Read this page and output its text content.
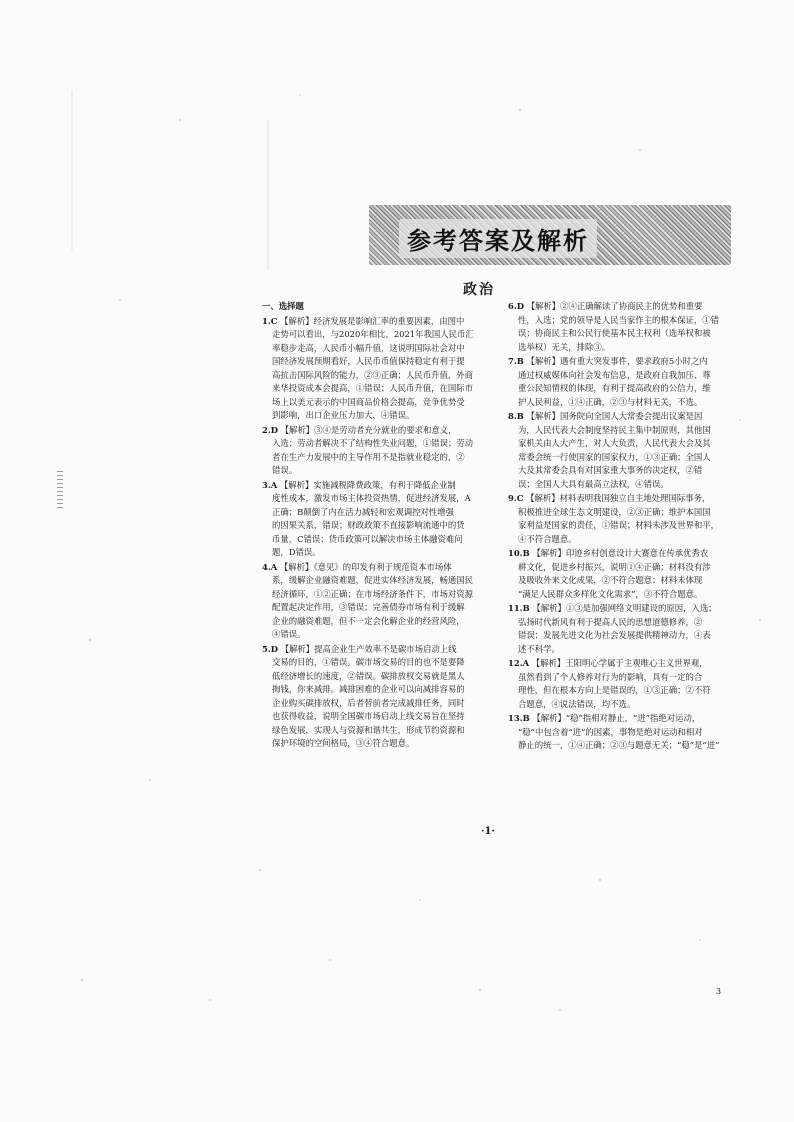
参考答案及解析
政治
一、选择题
1.C 【解析】经济发展是影响汇率的重要因素，由图中
走势可以看出，与2020年相比，2021年我国人民币汇
率稳步走高，人民币小幅升值，这说明国际社会对中
国经济发展预期看好，人民币币值保持稳定有利于提
高抗击国际风险的能力，②③正确；人民币升值，外商
来华投资成本会提高，①错误；人民币升值，在国际市
场上以美元表示的中国商品价格会提高，竞争优势受
到影响，出口企业压力加大，④错误。
2.D 【解析】③④是劳动者充分就业的要求和意义，
入选；劳动者解决不了结构性失业问题，①错误；劳动
者在生产力发展中的主导作用不是指就业稳定的，②
错误。
3.A 【解析】实施减税降费政策，有利于降低企业制
度性成本，激发市场主体投资热情，促进经济发展，A
正确；B颠倒了内在活力减轻和宏观调控对性增强
的因果关系，错误；财政政策不直接影响流通中的货
币量，C错误；货币政策可以解决市场主体融资难问
题，D错误。
4.A 【解析】《意见》的印发有利于规范资本市场体
系，缓解企业融资难题，促进实体经济发展，畅通国民
经济循环，①②正确；在市场经济条件下，市场对资源
配置起决定作用，③错误；完善债券市场有利于缓解
企业的融资难题，但不一定会化解企业的经营风险，
④错误。
5.D 【解析】提高企业生产效率不是碳市场启动上线
交易的目的，①错误。碳市场交易的目的也不是要降
低经济增长的速度，②错误。碳排放权交易就是黑人
掏钱，你来减排。减排困难的企业可以向减排容易的
企业购买碳排放权，后者替前者完成减排任务，同时
也获得收益，说明全国碳市场启动上线交易旨在坚持
绿色发展，实现人与资源和谐共生，形成节约资源和
保护环境的空间格局，③④符合题意。
6.D 【解析】②④正确解读了协商民主的优势和重要
性，入选；党的领导是人民当家作主的根本保证，①错
误；协商民主和公民行使基本民主权利（选举权和被
选举权）无关，排除③。
7.B 【解析】遇有重大突发事件，要求政府5小时之内
通过权威媒体向社会发布信息，是政府自我加压、尊
重公民知情权的体现，有利于提高政府的公信力，维
护人民利益，①④正确，②③与材料无关，不选。
8.B 【解析】国务院向全国人大常委会提出议案是因
为，人民代表大会制度坚持民主集中制原则，其他国
家机关由人大产生，对人大负责，人民代表大会及其
常委会统一行使国家的国家权力，①③正确；全国人
大及其常委会具有对国家重大事务的决定权，②错
误；全国人大具有最高立法权，④错误。
9.C 【解析】材料表明我国独立自主地处理国际事务，
积极推进全球生态文明建设，②③正确；维护本国国
家利益是国家的责任，①错误；材料未涉及世界和平，
④不符合题意。
10.B 【解析】印迹乡村创意设计大赛意在传承优秀农
耕文化，促进乡村振兴，说明①④正确；材料没有涉
及吸收外来文化成果，②不符合题意；材料未体现
“满足人民群众多样化文化需求”，③不符合题意。
11.B 【解析】①③是加强网络文明建设的原因，入选；
弘扬时代新风有利于提高人民的思想道德修养，②
错误；发展先进文化为社会发展提供精神动力，④表
述不科学。
12.A 【解析】王阳明心学属于主观唯心主义世界观，
虽然看到了个人修养对行为的影响，具有一定的合
理性，但在根本方向上是错误的，①③正确；②不符
合题意，④说法错误，均不选。
13.B 【解析】“稳”指相对静止，“进”指绝对运动，
“稳”中包含着“进”的因素，事物是绝对运动和相对
静止的统一，①④正确；②③与题意无关；“稳”是“进”
·1·
3
